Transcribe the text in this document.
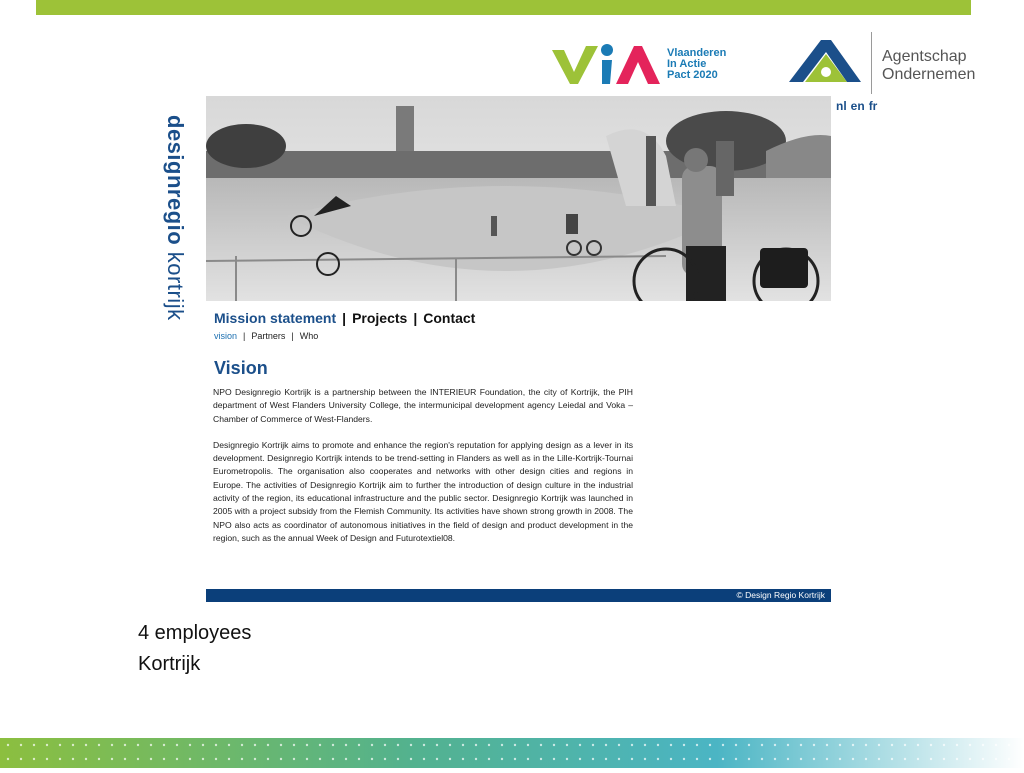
Vlaanderen
In Actie
Pact 2020
Agentschap
Ondernemen
designregio kortrijk
nl en fr
Mission statement | Projects | Contact
vision | Partners | Who
Vision

NPO Designregio Kortrijk is a partnership between the INTERIEUR Foundation, the city of Kortrijk, the PIH department of West Flanders University College, the intermunicipal development agency Leiedal and Voka – Chamber of Commerce of West-Flanders.

Designregio Kortrijk aims to promote and enhance the region's reputation for applying design as a lever in its development. Designregio Kortrijk intends to be trend-setting in Flanders as well as in the Lille-Kortrijk-Tournai Eurometropolis. The organisation also cooperates and networks with other design cities and regions in Europe. The activities of Designregio Kortrijk aim to further the introduction of design culture in the industrial activity of the region, its educational infrastructure and the public sector. Designregio Kortrijk was launched in 2005 with a project subsidy from the Flemish Community. Its activities have shown strong growth in 2008. The NPO also acts as coordinator of autonomous initiatives in the field of design and product development in the region, such as the annual Week of Design and Futurotextiel08.

© Design Regio Kortrijk
4 employees
Kortrijk
